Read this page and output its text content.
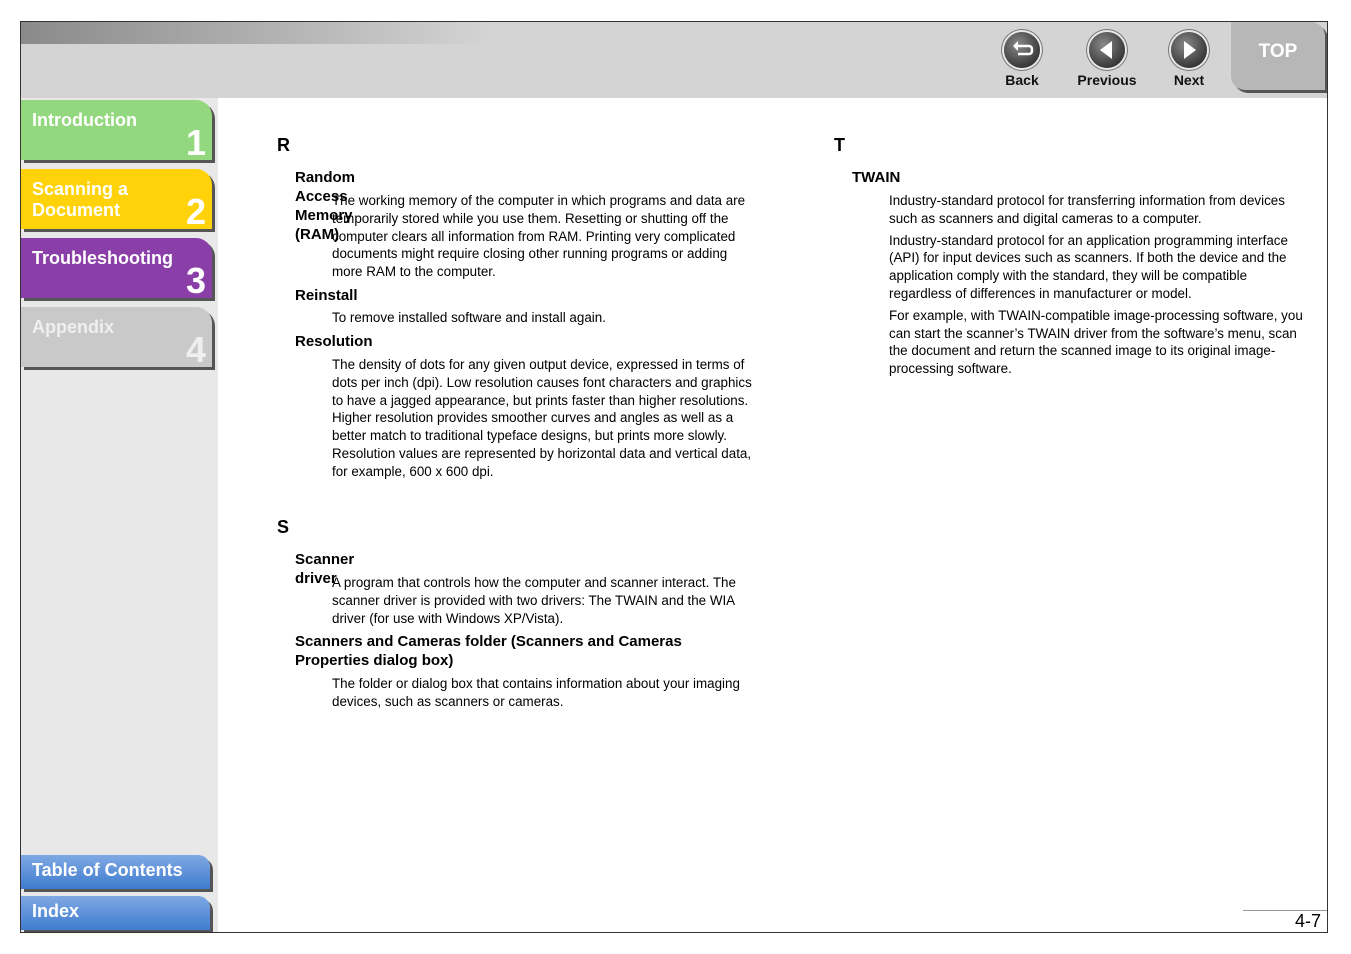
Back	Previous	Next
TOP
Introduction
1
Scanning a Document	2
Troubleshooting
3
Appendix
4
Table of Contents
Index
R
Random Access Memory (RAM)

The working memory of the computer in which programs and data are temporarily stored while you use them. Resetting or shutting off the computer clears all information from RAM. Printing very complicated documents might require closing other running programs or adding more RAM to the computer.

Reinstall

To remove installed software and install again.

Resolution

The density of dots for any given output device, expressed in terms of dots per inch (dpi). Low resolution causes font characters and graphics to have a jagged appearance, but prints faster than higher resolutions. Higher resolution provides smoother curves and angles as well as a better match to traditional typeface designs, but prints more slowly. Resolution values are represented by horizontal data and vertical data, for example, 600 x 600 dpi.

S
Scanner driver

A program that controls how the computer and scanner interact. The scanner driver is provided with two drivers: The TWAIN and the WIA driver (for use with Windows XP/Vista).

Scanners and Cameras folder (Scanners and Cameras Properties dialog box)

The folder or dialog box that contains information about your imaging devices, such as scanners or cameras.

T
TWAIN

Industry-standard protocol for transferring information from devices such as scanners and digital cameras to a computer.

Industry-standard protocol for an application programming interface (API) for input devices such as scanners. If both the device and the application comply with the standard, they will be compatible regardless of differences in manufacturer or model.

For example, with TWAIN-compatible image-processing software, you can start the scanner’s TWAIN driver from the software’s menu, scan the document and return the scanned image to its original image-processing software.

4-7
